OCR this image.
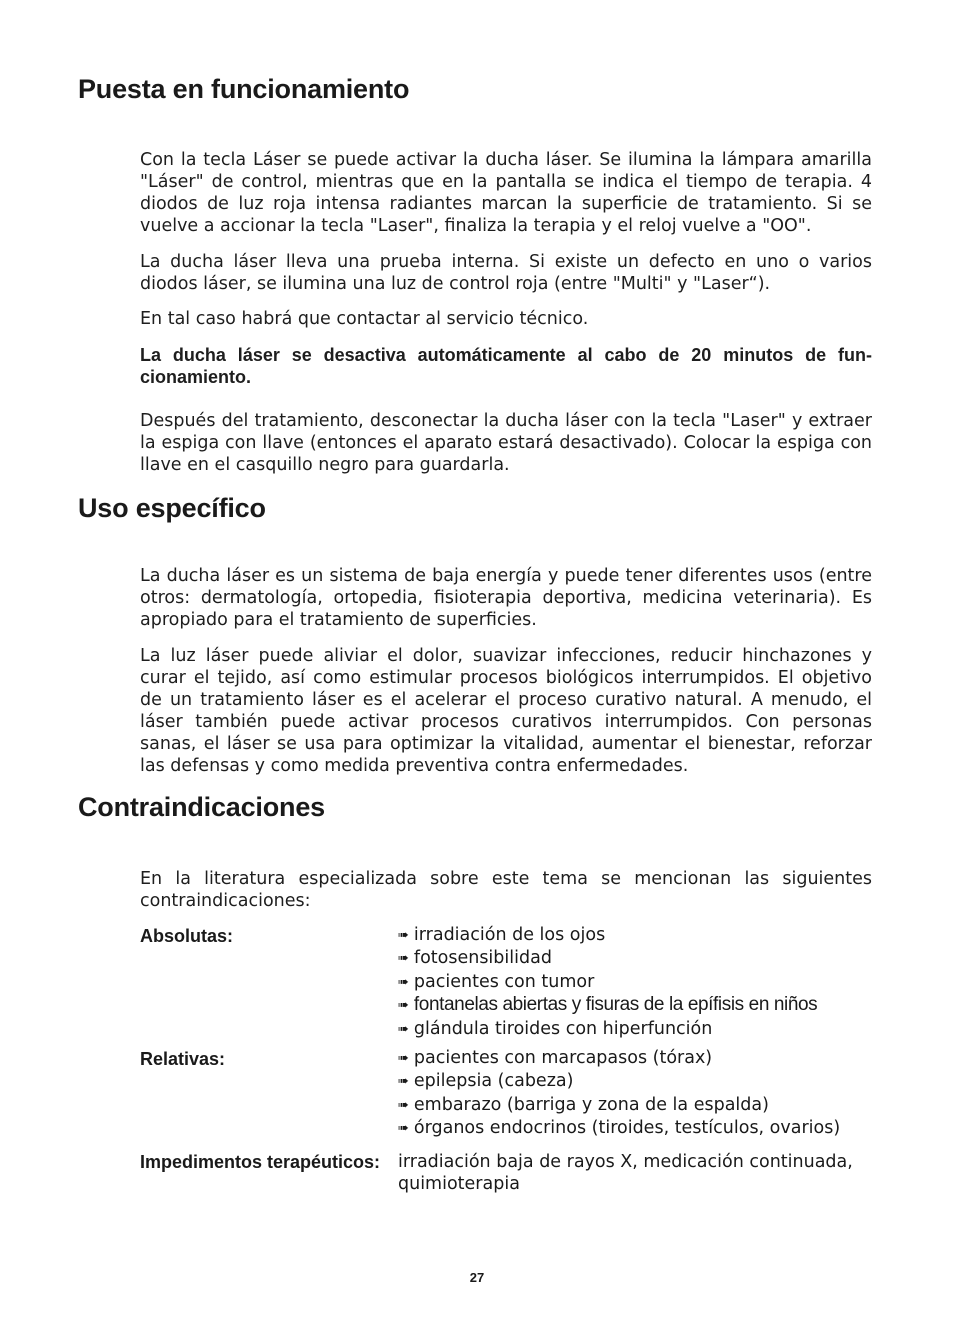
Puesta en funcionamiento

Con la tecla Láser se puede activar la ducha láser. Se ilumina la lámpara amarilla "Láser" de control, mientras que en la pantalla se indica el tiempo de terapia. 4 diodos de luz roja intensa radiantes marcan la superficie de tratamiento. Si se vuelve a accionar la tecla "Laser", finaliza la terapia y el reloj vuelve a "OO".

La ducha láser lleva una prueba interna. Si existe un defecto en uno o varios diodos láser, se ilumina una luz de control roja (entre "Multi" y "Laser“).

En tal caso habrá que contactar al servicio técnico.

La ducha láser se desactiva automáticamente al cabo de 20 minutos de fun-cionamiento.

Después del tratamiento, desconectar la ducha láser con la tecla "Laser" y extraer la espiga con llave (entonces el aparato estará desactivado). Colocar la espiga con llave en el casquillo negro para guardarla.

Uso específico

La ducha láser es un sistema de baja energía y puede tener diferentes usos (entre otros: dermatología, ortopedia, fisioterapia deportiva, medicina veterinaria). Es apropiado para el tratamiento de superficies.

La luz láser puede aliviar el dolor, suavizar infecciones, reducir hinchazones y curar el tejido, así como estimular procesos biológicos interrumpidos. El objetivo de un tratamiento láser es el acelerar el proceso curativo natural. A menudo, el láser también puede activar procesos curativos interrumpidos. Con personas sanas, el láser se usa para optimizar la vitalidad, aumentar el bienestar, reforzar las defensas y como medida preventiva contra enfermedades.

Contraindicaciones

En la literatura especializada sobre este tema se mencionan las siguientes contraindicaciones:

Absolutas:	➠ irradiación de los ojos
➠ fotosensibilidad
➠ pacientes con tumor
➠ fontanelas abiertas y fisuras de la epífisis en niños
➠ glándula tiroides con hiperfunción

Relativas:	➠ pacientes con marcapasos (tórax)
➠ epilepsia (cabeza)
➠ embarazo (barriga y zona de la espalda)
➠ órganos endocrinos (tiroides, testículos, ovarios)

Impedimentos terapéuticos: irradiación baja de rayos X, medicación continuada, quimioterapia

27
